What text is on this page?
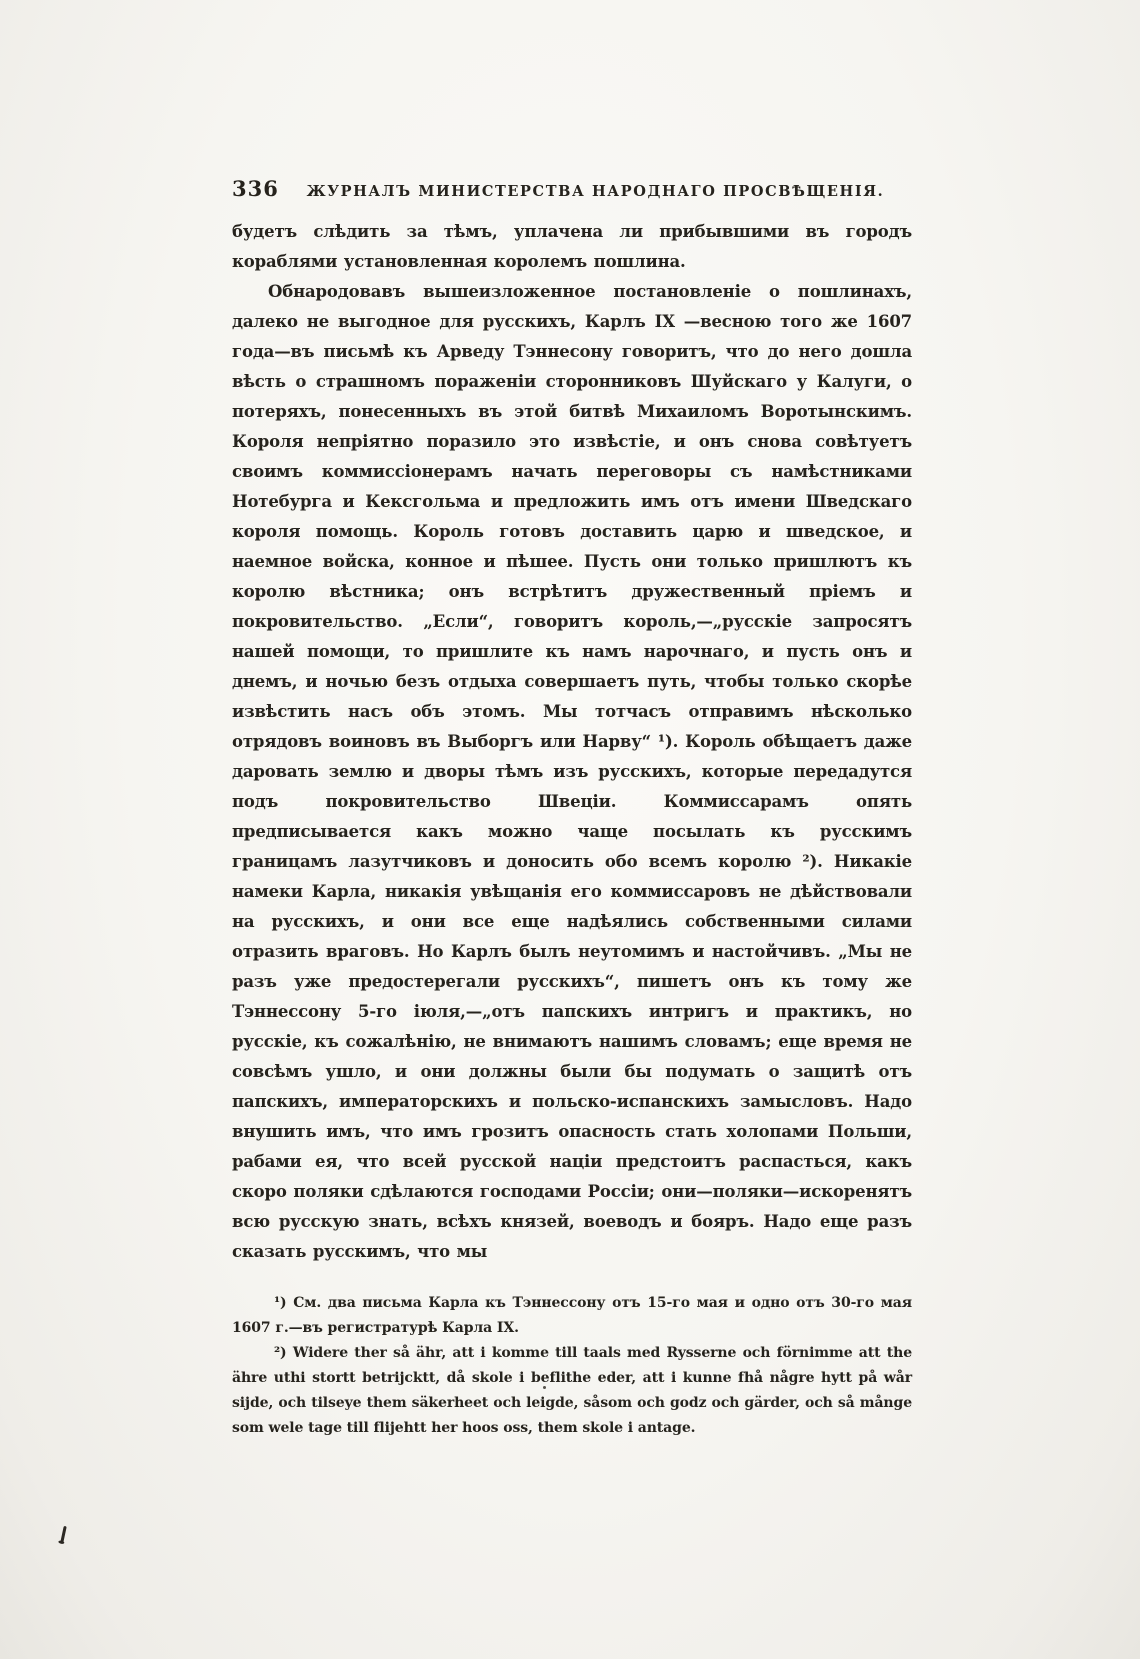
336	ЖУРНАЛЪ МИНИСТЕРСТВА НАРОДНАГО ПРОСВѢЩЕНІЯ.

будетъ слѣдить за тѣмъ, уплачена ли прибывшими въ городъ кораблями установленная королемъ пошлина.

Обнародовавъ вышеизложенное постановленіе о пошлинахъ, далеко не выгодное для русскихъ, Карлъ IX —весною того же 1607 года—въ письмѣ къ Арведу Тэннесону говоритъ, что до него дошла вѣсть о страшномъ пораженіи сторонниковъ Шуйскаго у Калуги, о потеряхъ, понесенныхъ въ этой битвѣ Михаиломъ Воротынскимъ. Короля непріятно поразило это извѣстіе, и онъ снова совѣтуетъ своимъ коммиссіонерамъ начать переговоры съ намѣстниками Нотебурга и Кексгольма и предложить имъ отъ имени Шведскаго короля помощь. Король готовъ доставить царю и шведское, и наемное войска, конное и пѣшее. Пусть они только пришлютъ къ королю вѣстника; онъ встрѣтитъ дружественный пріемъ и покровительство. „Если“, говоритъ король,—„русскіе запросятъ нашей помощи, то пришлите къ намъ нарочнаго, и пусть онъ и днемъ, и ночью безъ отдыха совершаетъ путь, чтобы только скорѣе извѣстить насъ объ этомъ. Мы тотчасъ отправимъ нѣсколько отрядовъ воиновъ въ Выборгъ или Нарву“ ¹). Король обѣщаетъ даже даровать землю и дворы тѣмъ изъ русскихъ, которые передадутся подъ покровительство Швеціи. Коммиссарамъ опять предписывается какъ можно чаще посылать къ русскимъ границамъ лазутчиковъ и доносить обо всемъ королю ²). Никакіе намеки Карла, никакія увѣщанія его коммиссаровъ не дѣйствовали на русскихъ, и они все еще надѣялись собственными силами отразить враговъ. Но Карлъ былъ неутомимъ и настойчивъ. „Мы не разъ уже предостерегали русскихъ“, пишетъ онъ къ тому же Тэннессону 5-го іюля,—„отъ папскихъ интригъ и практикъ, но русскіе, къ сожалѣнію, не внимаютъ нашимъ словамъ; еще время не совсѣмъ ушло, и они должны были бы подумать о защитѣ отъ папскихъ, императорскихъ и польско-испанскихъ замысловъ. Надо внушить имъ, что имъ грозитъ опасность стать холопами Польши, рабами ея, что всей русской націи предстоитъ распасться, какъ скоро поляки сдѣлаются господами Россіи; они—поляки—искоренятъ всю русскую знать, всѣхъ князей, воеводъ и бояръ. Надо еще разъ сказать русскимъ, что мы

¹) См. два письма Карла къ Тэннессону отъ 15-го мая и одно отъ 30-го мая 1607 г.—въ регистратурѣ Карла IX.

²) Widere ther så ähr, att i komme till taals med Rysserne och förnimme att the ähre uthi stortt betrijcktt, då skole i beflithe eder, att i kunne fhå någre hytt på wår sijde, och tilseye them säkerheet och leigde, såsom och godz och gärder, och så månge som wele tage till flijehtt her hoos oss, them skole i antage.
